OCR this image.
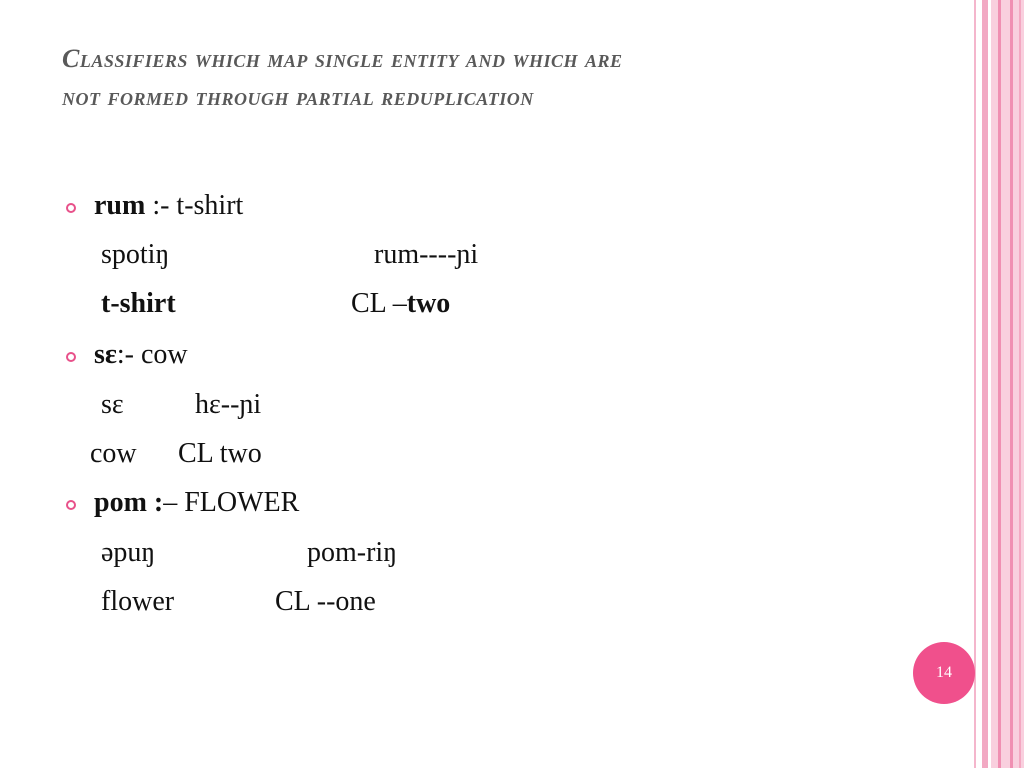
Classifiers which map single entity and which are
not formed through partial reduplication
rum :- t-shirt
spotiŋ	rum----ɲi
t-shirt	CL –two
sɛ:- cow
sɛ	hɛ--ɲi
cow CL two
pom :– FLOWER
əpuŋ	pom-riŋ
flower	CL --one
14
